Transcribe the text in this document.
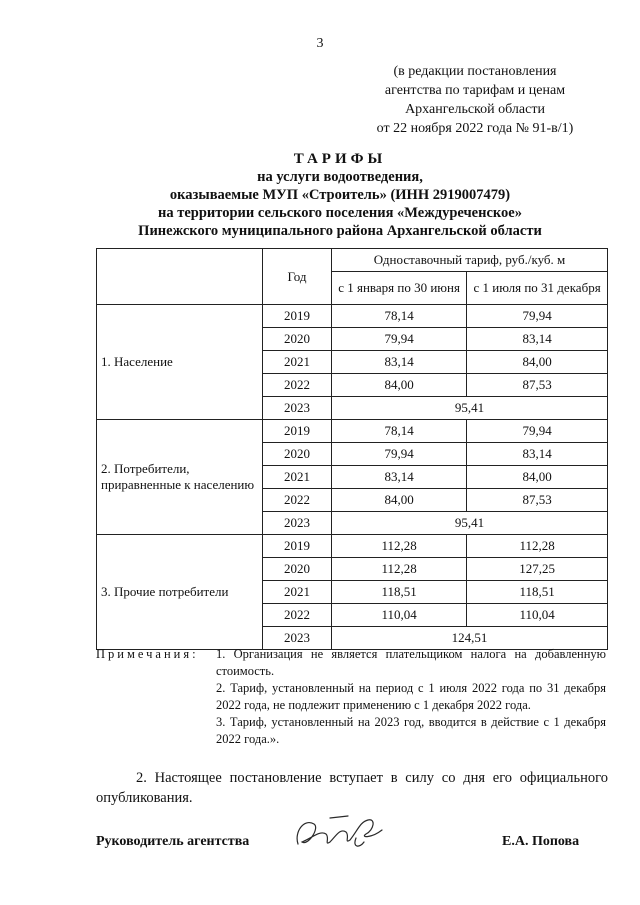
3
(в редакции постановления
агентства по тарифам и ценам
Архангельской области
от 22 ноября 2022 года № 91-в/1)
ТАРИФЫ
на услуги водоотведения,
оказываемые МУП «Строитель» (ИНН 2919007479)
на территории сельского поселения «Междуреченское»
Пинежского муниципального района Архангельской области
	Год	Одноставочный тариф, руб./куб. м	
		с 1 января по 30 июня	с 1 июля по 31 декабря
1. Население	2019	78,14	79,94
	2020	79,94	83,14
	2021	83,14	84,00
	2022	84,00	87,53
	2023	95,41	
2. Потребители, приравненные к населению	2019	78,14	79,94
	2020	79,94	83,14
	2021	83,14	84,00
	2022	84,00	87,53
	2023	95,41	
3. Прочие потребители	2019	112,28	112,28
	2020	112,28	127,25
	2021	118,51	118,51
	2022	110,04	110,04
	2023	124,51	
Примечания: 1. Организация не является плательщиком налога на добавленную стоимость.
2. Тариф, установленный на период с 1 июля 2022 года по 31 декабря 2022 года, не подлежит применению с 1 декабря 2022 года.
3. Тариф, установленный на 2023 год, вводится в действие с 1 декабря 2022 года.».
2. Настоящее постановление вступает в силу со дня его официального опубликования.
Руководитель агентства	Е.А. Попова
